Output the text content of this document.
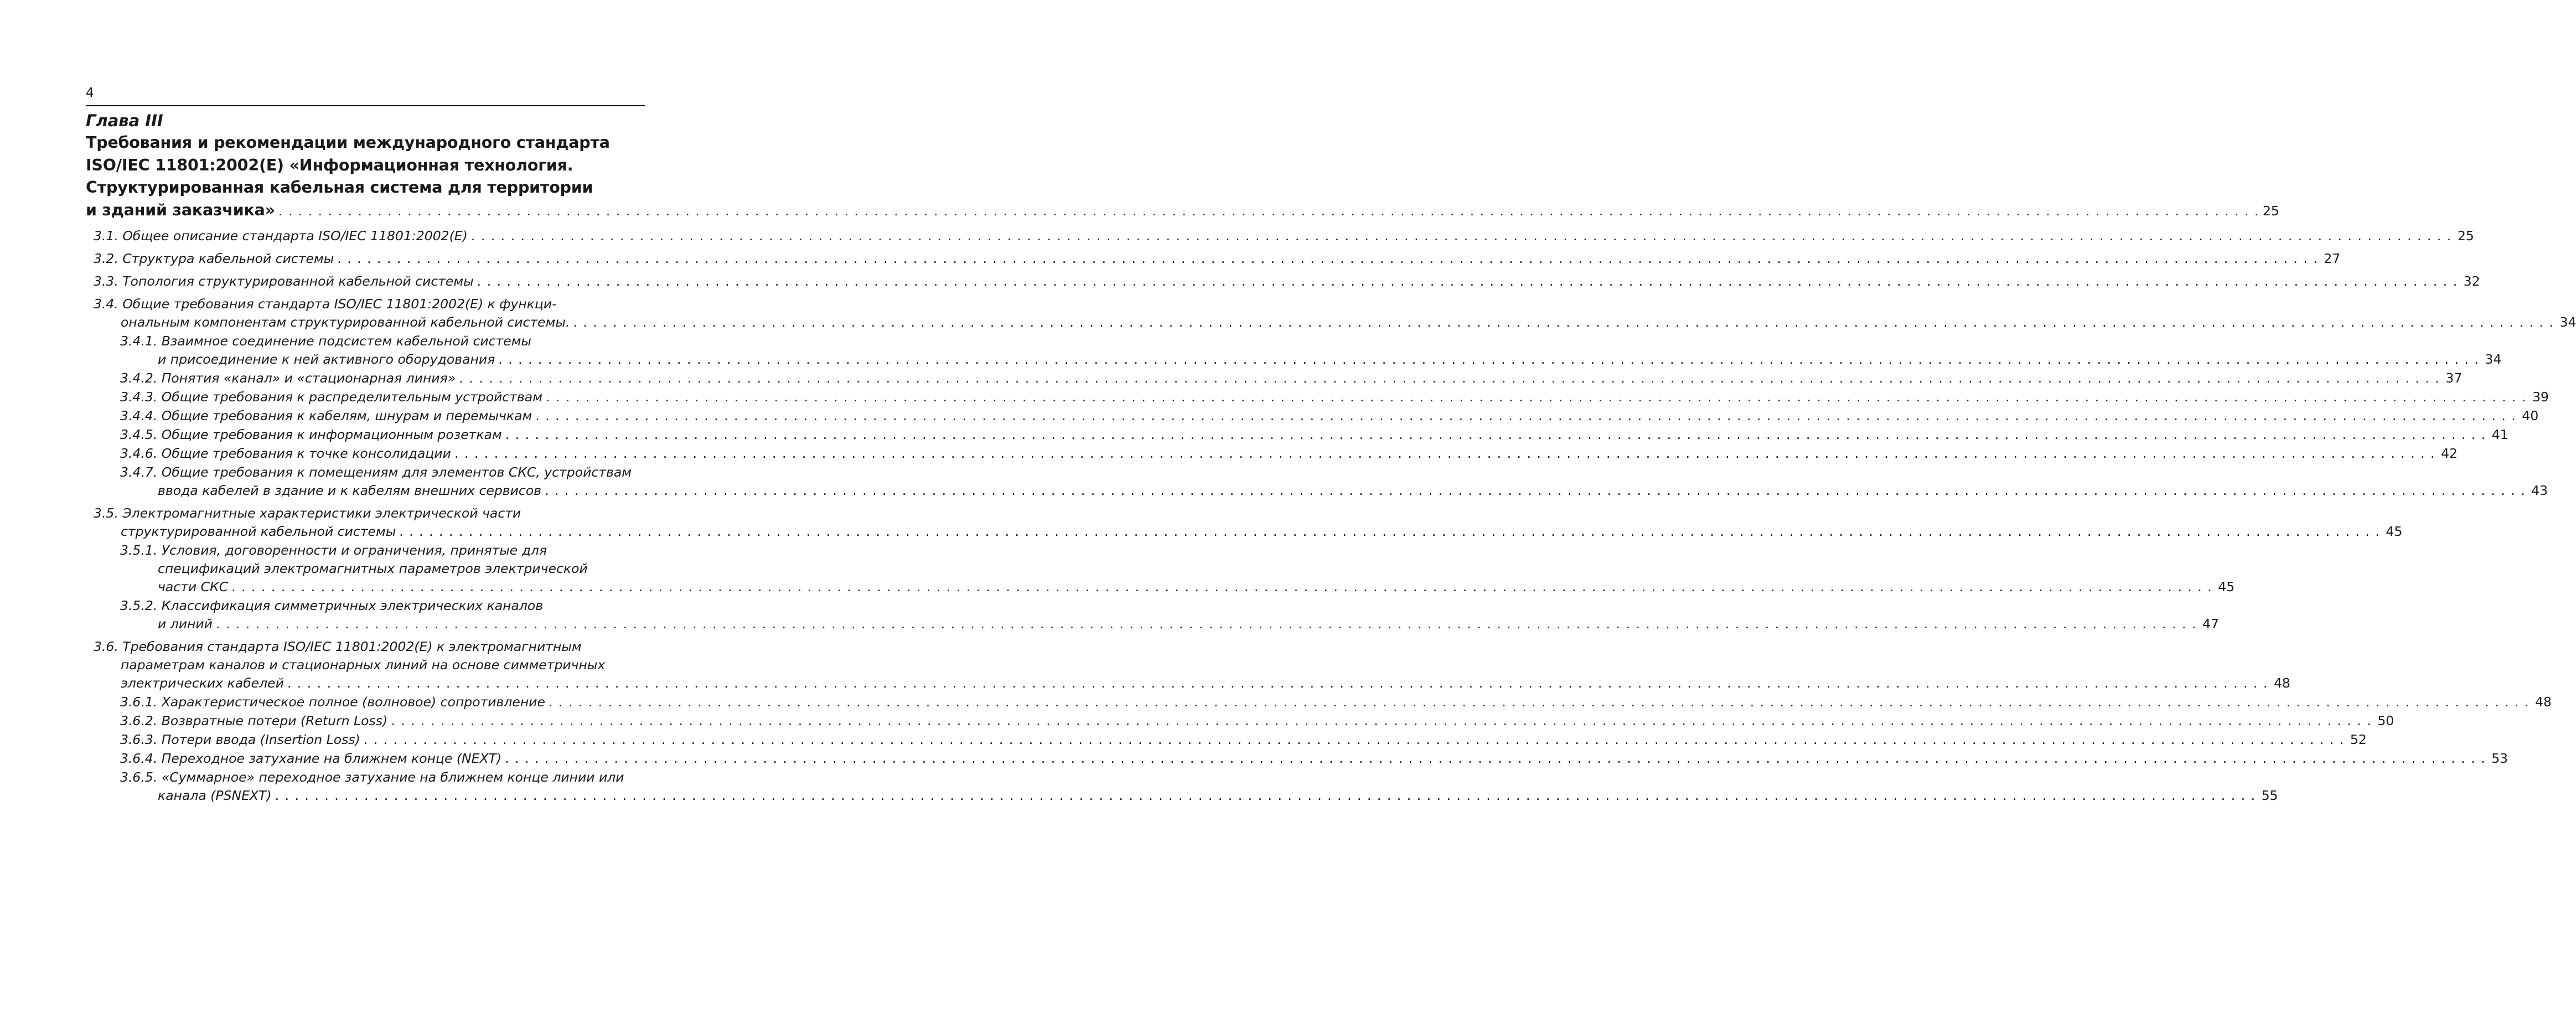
4
Глава III
Требования и рекомендации международного стандарта
ISO/IEC 11801:2002(E) «Информационная технология.
Структурированная кабельная система для территории
и зданий заказчика» . . . . . . . . . . . . . . . . . . . . . . . . . . . . . . . . . . . . . . . . . . . . . . . . . . . . . . . . . . . . . . . . . . . . . . . . . . . . . . . . . . . . . . . . . . . . . . . . . . . . . . . . . . . . . . . . . . . . . . . . . . . . . . . . . . . . . . . . . . . . . . . . . . . . . . . . . . . . . . . . . . . . . . . . . . . . . . . . . . . . . . . . . . . . . . . . . . . . . . . . 25
3.1. Общее описание стандарта ISO/IEC 11801:2002(E) . . . . . . . . . . . . . . . . . . . . . . . . . . . . . . . . . . . . . . . . . . . . . . . . . . . . . . . . . . . . . . . . . . . . . . . . . . . . . . . . . . . . . . . . . . . . . . . . . . . . . . . . . . . . . . . . . . . . . . . . . . . . . . . . . . . . . . . . . . . . . . . . . . . . . . . . . . . . . . . . . . . . . . . . . . . . . . . . . . . . . . . . . . . . . . . . . . . . . . . . 25
3.2. Структура кабельной системы . . . . . . . . . . . . . . . . . . . . . . . . . . . . . . . . . . . . . . . . . . . . . . . . . . . . . . . . . . . . . . . . . . . . . . . . . . . . . . . . . . . . . . . . . . . . . . . . . . . . . . . . . . . . . . . . . . . . . . . . . . . . . . . . . . . . . . . . . . . . . . . . . . . . . . . . . . . . . . . . . . . . . . . . . . . . . . . . . . . . . . . . . . . . . . . . . . . . . . . . 27
3.3. Топология структурированной кабельной системы . . . . . . . . . . . . . . . . . . . . . . . . . . . . . . . . . . . . . . . . . . . . . . . . . . . . . . . . . . . . . . . . . . . . . . . . . . . . . . . . . . . . . . . . . . . . . . . . . . . . . . . . . . . . . . . . . . . . . . . . . . . . . . . . . . . . . . . . . . . . . . . . . . . . . . . . . . . . . . . . . . . . . . . . . . . . . . . . . . . . . . . . . . . . . . . . . . . . . . . . 32
3.4. Общие требования стандарта ISO/IEC 11801:2002(E) к функци-
ональным компонентам структурированной кабельной системы. . . . . . . . . . . . . . . . . . . . . . . . . . . . . . . . . . . . . . . . . . . . . . . . . . . . . . . . . . . . . . . . . . . . . . . . . . . . . . . . . . . . . . . . . . . . . . . . . . . . . . . . . . . . . . . . . . . . . . . . . . . . . . . . . . . . . . . . . . . . . . . . . . . . . . . . . . . . . . . . . . . . . . . . . . . . . . . . . . . . . . . . . . . . . . . . . . . . . . . . . 34
3.4.1. Взаимное соединение подсистем кабельной системы
и присоединение к ней активного оборудования . . . . . . . . . . . . . . . . . . . . . . . . . . . . . . . . . . . . . . . . . . . . . . . . . . . . . . . . . . . . . . . . . . . . . . . . . . . . . . . . . . . . . . . . . . . . . . . . . . . . . . . . . . . . . . . . . . . . . . . . . . . . . . . . . . . . . . . . . . . . . . . . . . . . . . . . . . . . . . . . . . . . . . . . . . . . . . . . . . . . . . . . . . . . . . . . . . . . . . . . 34
3.4.2. Понятия «канал» и «стационарная линия» . . . . . . . . . . . . . . . . . . . . . . . . . . . . . . . . . . . . . . . . . . . . . . . . . . . . . . . . . . . . . . . . . . . . . . . . . . . . . . . . . . . . . . . . . . . . . . . . . . . . . . . . . . . . . . . . . . . . . . . . . . . . . . . . . . . . . . . . . . . . . . . . . . . . . . . . . . . . . . . . . . . . . . . . . . . . . . . . . . . . . . . . . . . . . . . . . . . . . . . . 37
3.4.3. Общие требования к распределительным устройствам . . . . . . . . . . . . . . . . . . . . . . . . . . . . . . . . . . . . . . . . . . . . . . . . . . . . . . . . . . . . . . . . . . . . . . . . . . . . . . . . . . . . . . . . . . . . . . . . . . . . . . . . . . . . . . . . . . . . . . . . . . . . . . . . . . . . . . . . . . . . . . . . . . . . . . . . . . . . . . . . . . . . . . . . . . . . . . . . . . . . . . . . . . . . . . . . . . . . . . . . 39
3.4.4. Общие требования к кабелям, шнурам и перемычкам . . . . . . . . . . . . . . . . . . . . . . . . . . . . . . . . . . . . . . . . . . . . . . . . . . . . . . . . . . . . . . . . . . . . . . . . . . . . . . . . . . . . . . . . . . . . . . . . . . . . . . . . . . . . . . . . . . . . . . . . . . . . . . . . . . . . . . . . . . . . . . . . . . . . . . . . . . . . . . . . . . . . . . . . . . . . . . . . . . . . . . . . . . . . . . . . . . . . . . . . 40
3.4.5. Общие требования к информационным розеткам . . . . . . . . . . . . . . . . . . . . . . . . . . . . . . . . . . . . . . . . . . . . . . . . . . . . . . . . . . . . . . . . . . . . . . . . . . . . . . . . . . . . . . . . . . . . . . . . . . . . . . . . . . . . . . . . . . . . . . . . . . . . . . . . . . . . . . . . . . . . . . . . . . . . . . . . . . . . . . . . . . . . . . . . . . . . . . . . . . . . . . . . . . . . . . . . . . . . . . . . 41
3.4.6. Общие требования к точке консолидации . . . . . . . . . . . . . . . . . . . . . . . . . . . . . . . . . . . . . . . . . . . . . . . . . . . . . . . . . . . . . . . . . . . . . . . . . . . . . . . . . . . . . . . . . . . . . . . . . . . . . . . . . . . . . . . . . . . . . . . . . . . . . . . . . . . . . . . . . . . . . . . . . . . . . . . . . . . . . . . . . . . . . . . . . . . . . . . . . . . . . . . . . . . . . . . . . . . . . . . . 42
3.4.7. Общие требования к помещениям для элементов СКС, устройствам
ввода кабелей в здание и к кабелям внешних сервисов . . . . . . . . . . . . . . . . . . . . . . . . . . . . . . . . . . . . . . . . . . . . . . . . . . . . . . . . . . . . . . . . . . . . . . . . . . . . . . . . . . . . . . . . . . . . . . . . . . . . . . . . . . . . . . . . . . . . . . . . . . . . . . . . . . . . . . . . . . . . . . . . . . . . . . . . . . . . . . . . . . . . . . . . . . . . . . . . . . . . . . . . . . . . . . . . . . . . . . . . 43
3.5. Электромагнитные характеристики электрической части
структурированной кабельной системы . . . . . . . . . . . . . . . . . . . . . . . . . . . . . . . . . . . . . . . . . . . . . . . . . . . . . . . . . . . . . . . . . . . . . . . . . . . . . . . . . . . . . . . . . . . . . . . . . . . . . . . . . . . . . . . . . . . . . . . . . . . . . . . . . . . . . . . . . . . . . . . . . . . . . . . . . . . . . . . . . . . . . . . . . . . . . . . . . . . . . . . . . . . . . . . . . . . . . . . . 45
3.5.1. Условия, договоренности и ограничения, принятые для
спецификаций электромагнитных параметров электрической
части СКС . . . . . . . . . . . . . . . . . . . . . . . . . . . . . . . . . . . . . . . . . . . . . . . . . . . . . . . . . . . . . . . . . . . . . . . . . . . . . . . . . . . . . . . . . . . . . . . . . . . . . . . . . . . . . . . . . . . . . . . . . . . . . . . . . . . . . . . . . . . . . . . . . . . . . . . . . . . . . . . . . . . . . . . . . . . . . . . . . . . . . . . . . . . . . . . . . . . . . . . . 45
3.5.2. Классификация симметричных электрических каналов
и линий . . . . . . . . . . . . . . . . . . . . . . . . . . . . . . . . . . . . . . . . . . . . . . . . . . . . . . . . . . . . . . . . . . . . . . . . . . . . . . . . . . . . . . . . . . . . . . . . . . . . . . . . . . . . . . . . . . . . . . . . . . . . . . . . . . . . . . . . . . . . . . . . . . . . . . . . . . . . . . . . . . . . . . . . . . . . . . . . . . . . . . . . . . . . . . . . . . . . . . . . 47
3.6. Требования стандарта ISO/IEC 11801:2002(E) к электромагнитным
параметрам каналов и стационарных линий на основе симметричных
электрических кабелей . . . . . . . . . . . . . . . . . . . . . . . . . . . . . . . . . . . . . . . . . . . . . . . . . . . . . . . . . . . . . . . . . . . . . . . . . . . . . . . . . . . . . . . . . . . . . . . . . . . . . . . . . . . . . . . . . . . . . . . . . . . . . . . . . . . . . . . . . . . . . . . . . . . . . . . . . . . . . . . . . . . . . . . . . . . . . . . . . . . . . . . . . . . . . . . . . . . . . . . . 48
3.6.1. Характеристическое полное (волновое) сопротивление . . . . . . . . . . . . . . . . . . . . . . . . . . . . . . . . . . . . . . . . . . . . . . . . . . . . . . . . . . . . . . . . . . . . . . . . . . . . . . . . . . . . . . . . . . . . . . . . . . . . . . . . . . . . . . . . . . . . . . . . . . . . . . . . . . . . . . . . . . . . . . . . . . . . . . . . . . . . . . . . . . . . . . . . . . . . . . . . . . . . . . . . . . . . . . . . . . . . . . . . 48
3.6.2. Возвратные потери (Return Loss) . . . . . . . . . . . . . . . . . . . . . . . . . . . . . . . . . . . . . . . . . . . . . . . . . . . . . . . . . . . . . . . . . . . . . . . . . . . . . . . . . . . . . . . . . . . . . . . . . . . . . . . . . . . . . . . . . . . . . . . . . . . . . . . . . . . . . . . . . . . . . . . . . . . . . . . . . . . . . . . . . . . . . . . . . . . . . . . . . . . . . . . . . . . . . . . . . . . . . . . . 50
3.6.3. Потери ввода (Insertion Loss) . . . . . . . . . . . . . . . . . . . . . . . . . . . . . . . . . . . . . . . . . . . . . . . . . . . . . . . . . . . . . . . . . . . . . . . . . . . . . . . . . . . . . . . . . . . . . . . . . . . . . . . . . . . . . . . . . . . . . . . . . . . . . . . . . . . . . . . . . . . . . . . . . . . . . . . . . . . . . . . . . . . . . . . . . . . . . . . . . . . . . . . . . . . . . . . . . . . . . . . . 52
3.6.4. Переходное затухание на ближнем конце (NEXT) . . . . . . . . . . . . . . . . . . . . . . . . . . . . . . . . . . . . . . . . . . . . . . . . . . . . . . . . . . . . . . . . . . . . . . . . . . . . . . . . . . . . . . . . . . . . . . . . . . . . . . . . . . . . . . . . . . . . . . . . . . . . . . . . . . . . . . . . . . . . . . . . . . . . . . . . . . . . . . . . . . . . . . . . . . . . . . . . . . . . . . . . . . . . . . . . . . . . . . . . 53
3.6.5. «Суммарное» переходное затухание на ближнем конце линии или
канала (PSNEXT) . . . . . . . . . . . . . . . . . . . . . . . . . . . . . . . . . . . . . . . . . . . . . . . . . . . . . . . . . . . . . . . . . . . . . . . . . . . . . . . . . . . . . . . . . . . . . . . . . . . . . . . . . . . . . . . . . . . . . . . . . . . . . . . . . . . . . . . . . . . . . . . . . . . . . . . . . . . . . . . . . . . . . . . . . . . . . . . . . . . . . . . . . . . . . . . . . . . . . . . . 55
